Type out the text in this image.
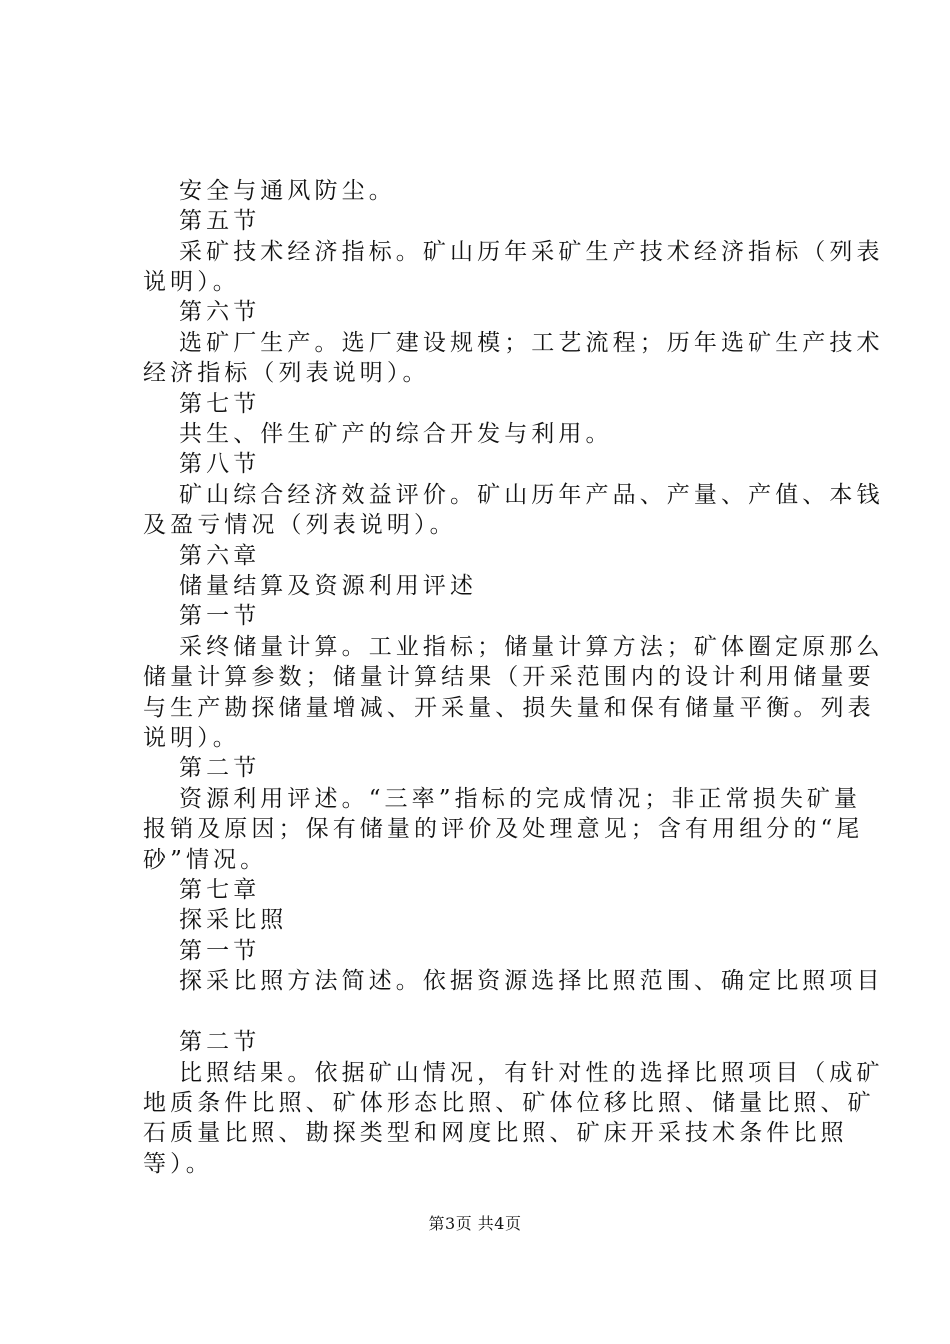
安全与通风防尘。
第五节
采矿技术经济指标。矿山历年采矿生产技术经济指标（列表
说明）。
第六节
选矿厂生产。选厂建设规模；工艺流程；历年选矿生产技术
经济指标（列表说明）。
第七节
共生、伴生矿产的综合开发与利用。
第八节
矿山综合经济效益评价。矿山历年产品、产量、产值、本钱
及盈亏情况（列表说明）。
第六章
储量结算及资源利用评述
第一节
采终储量计算。工业指标；储量计算方法；矿体圈定原那么
储量计算参数；储量计算结果（开采范围内的设计利用储量要
与生产勘探储量增减、开采量、损失量和保有储量平衡。列表
说明）。
第二节
资源利用评述。“三率”指标的完成情况；非正常损失矿量
报销及原因；保有储量的评价及处理意见；含有用组分的“尾
砂”情况。
第七章
探采比照
第一节
探采比照方法简述。依据资源选择比照范围、确定比照项目
第二节
比照结果。依据矿山情况，有针对性的选择比照项目（成矿
地质条件比照、矿体形态比照、矿体位移比照、储量比照、矿
石质量比照、勘探类型和网度比照、矿床开采技术条件比照
等）。
第3页 共4页
